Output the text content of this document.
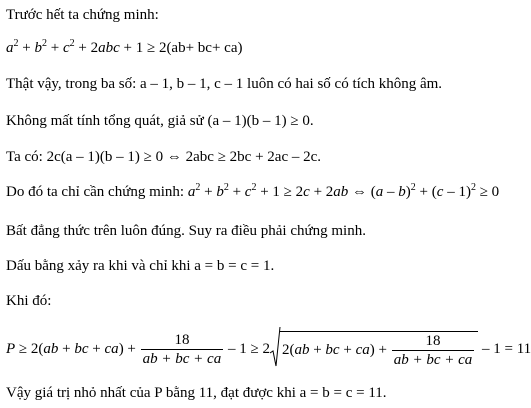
Trước hết ta chứng minh:
$a^2 + b^2 + c^2 + 2abc + 1 \ge 2(ab+ bc+ ca)$
Thật vậy, trong ba số: a – 1, b – 1, c – 1 luôn có hai số có tích không âm.
Không mất tính tổng quát, giả sử (a – 1)(b – 1) ≥ 0.
Ta có: 2c(a – 1)(b – 1) ≥ 0 ⇔ 2abc ≥ 2bc + 2ac – 2c.
Do đó ta chỉ cần chứng minh: $a^2 + b^2 + c^2 + 1 \ge 2c + 2ab$ ⇔ (a – b)$^2$ + (c – 1)$^2$ ≥ 0
Bất đẳng thức trên luôn đúng. Suy ra điều phải chứng minh.
Dấu bằng xảy ra khi và chỉ khi a = b = c = 1.
Khi đó:
P ≥ 2(ab + bc + $ca) + \frac{18}{ab + bc + ca} - 1 \ge 2$ 2(ab + bc + $ca) + \frac{18}{ab + bc + ca} - 1 = 11$
Vậy giá trị nhỏ nhất của P bằng 11, đạt được khi a = b = c = 11.
